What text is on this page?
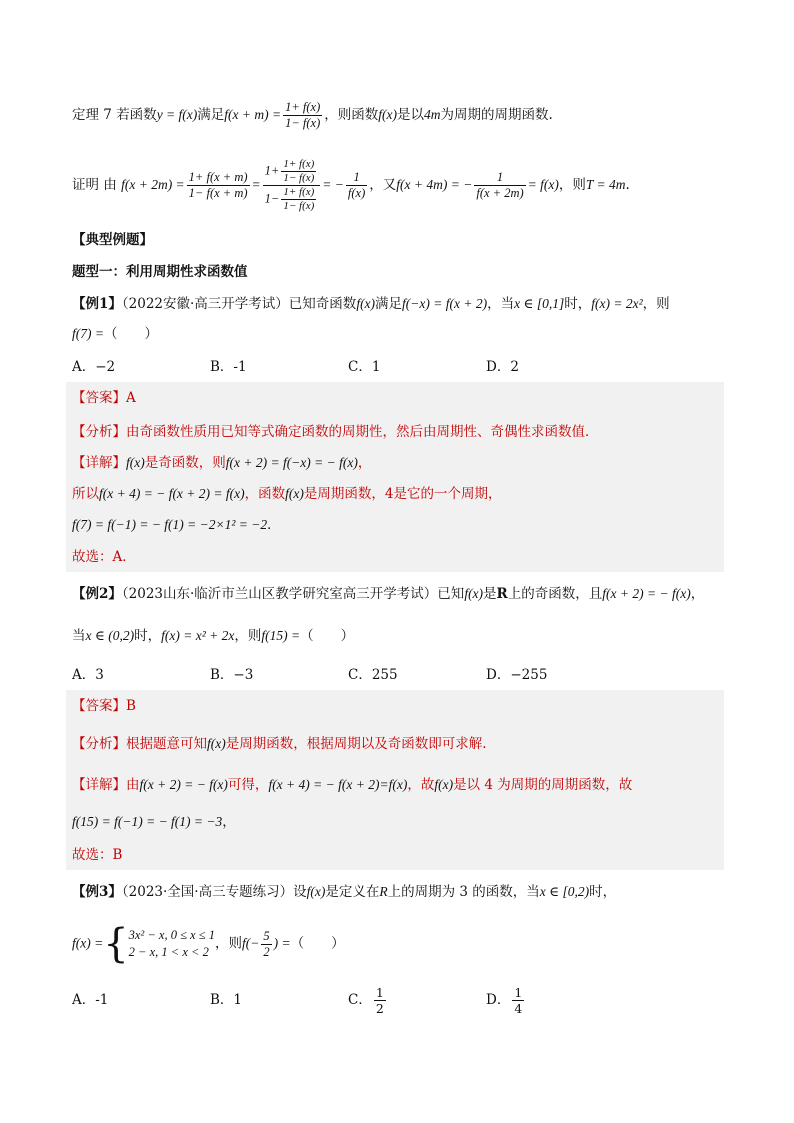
定理 7 若函数y = f(x)满足$f(x + m) = \frac{1+ f(x)}{1- f(x)}$ ，则函数f(x)是以4m为周期的周期函数.
证明 由 $f(x + 2m) = \frac{1+ f(x + m)}{1- f(x + m)} = \frac{1+ \frac{1+ f(x)}{1- f(x)}}{1- \frac{1+ f(x)}{1- f(x)}}$ = − $\frac{1}{f(x)}$ ，又f(x + 4m) = − $\frac{1}{f(x + 2m)} = f(x)$，则T = 4m.
【典型例题】
题型一：利用周期性求函数值
【例1】（2022安徽·高三开学考试）已知奇函数f(x)满足f(−x) = f(x + 2)，当x ∈ [0,1]时，f(x) = 2x²，则
f(7) =（　　）
A．−2	B．-1	C．1	D．2
【答案】A
【分析】由奇函数性质用已知等式确定函数的周期性，然后由周期性、奇偶性求函数值．
【详解】f(x)是奇函数，则f(x + 2) = f(−x) = − f(x)，
所以f(x + 4) = − f(x + 2) = f(x)，函数f(x)是周期函数，4是它的一个周期，
f(7) = f(−1) = − f(1) = −2×1² = −2．
故选：A．
【例2】（2023山东·临沂市兰山区教学研究室高三开学考试）已知f(x)是R上的奇函数，且f(x + 2) = − f(x)，
当x ∈ (0,2)时，f(x) = x² + 2x，则f(15) =（　　）
A．3	B．−3	C．255	D．−255
【答案】B
【分析】根据题意可知f(x)是周期函数，根据周期以及奇函数即可求解.
【详解】由f(x + 2) = − f(x)可得，f(x + 4) = − f(x + 2)=f(x)，故f(x)是以 4 为周期的周期函数，故
f(15) = f(−1) = − f(1) = −3，
故选：B
【例3】（2023·全国·高三专题练习）设f(x)是定义在R上的周期为 3 的函数，当x ∈ [0,2)时，
f(x) ={ 3x² − x, 0 ≤ x ≤ 1
2 − x, 1 < x < 2
，则$f(- \frac{5}{2}$ ) =（　　）
A．-1	B．1	C． $\frac{1}{2}$	D． $\frac{1}{4}$
